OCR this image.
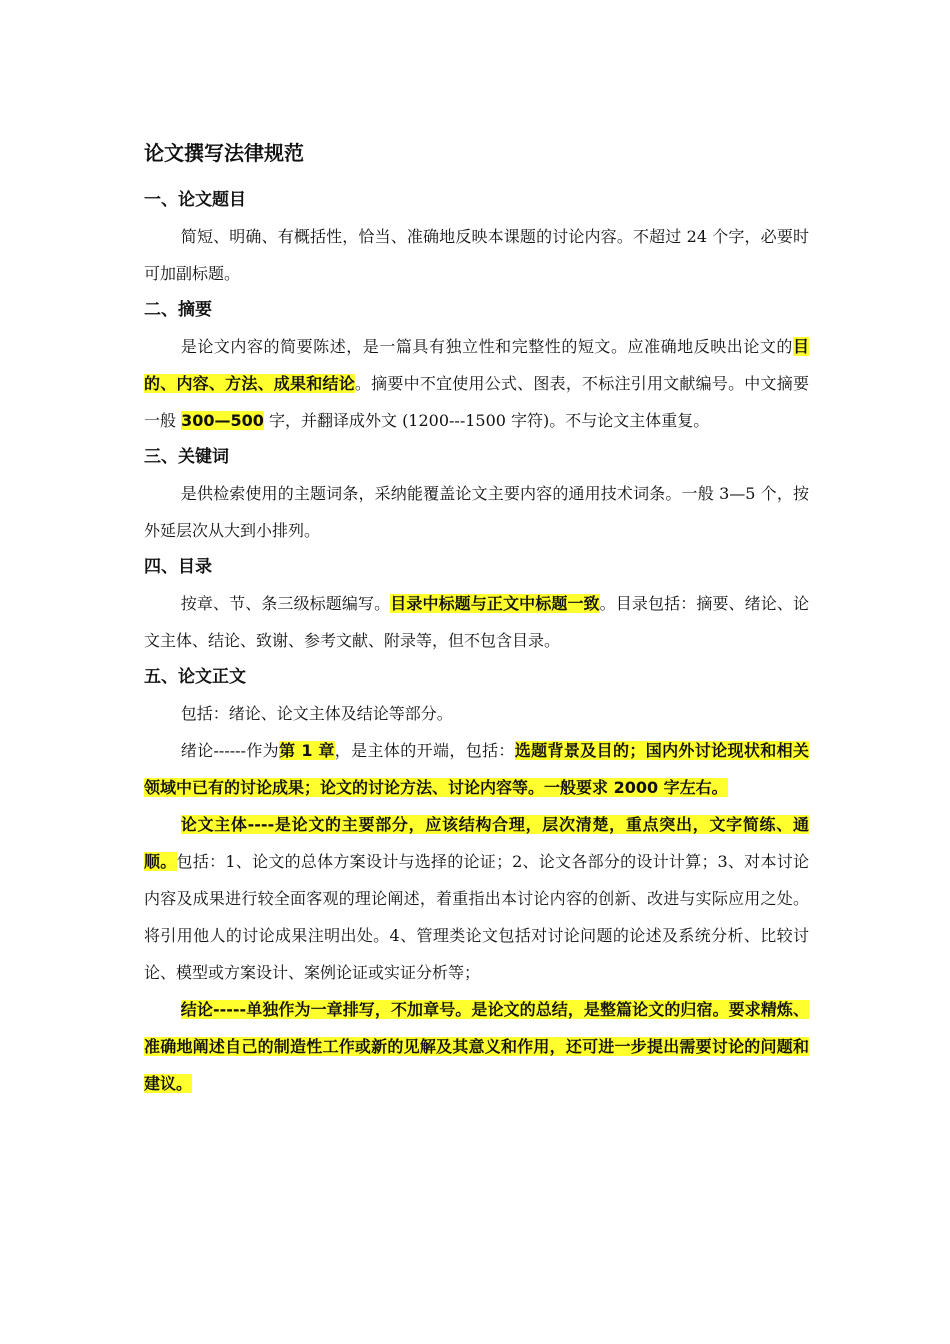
论文撰写法律规范
一、论文题目

简短、明确、有概括性，恰当、准确地反映本课题的讨论内容。不超过 24 个字，必要时可加副标题。

二、摘要

是论文内容的简要陈述，是一篇具有独立性和完整性的短文。应准确地反映出论文的目的、内容、方法、成果和结论。摘要中不宜使用公式、图表，不标注引用文献编号。中文摘要一般 300—500 字，并翻译成外文 (1200---1500 字符)。不与论文主体重复。

三、关键词

是供检索使用的主题词条，采纳能覆盖论文主要内容的通用技术词条。一般 3—5 个，按外延层次从大到小排列。

四、目录

按章、节、条三级标题编写。目录中标题与正文中标题一致。目录包括：摘要、绪论、论文主体、结论、致谢、参考文献、附录等，但不包含目录。

五、论文正文

包括：绪论、论文主体及结论等部分。

绪论------作为第 1 章，是主体的开端，包括：选题背景及目的；国内外讨论现状和相关领域中已有的讨论成果；论文的讨论方法、讨论内容等。一般要求 2000 字左右。

论文主体----是论文的主要部分，应该结构合理，层次清楚，重点突出，文字简练、通顺。包括：1、论文的总体方案设计与选择的论证；2、论文各部分的设计计算；3、对本讨论内容及成果进行较全面客观的理论阐述，着重指出本讨论内容的创新、改进与实际应用之处。将引用他人的讨论成果注明出处。4、管理类论文包括对讨论问题的论述及系统分析、比较讨论、模型或方案设计、案例论证或实证分析等；

结论-----单独作为一章排写，不加章号。是论文的总结，是整篇论文的归宿。要求精炼、准确地阐述自己的制造性工作或新的见解及其意义和作用，还可进一步提出需要讨论的问题和建议。
